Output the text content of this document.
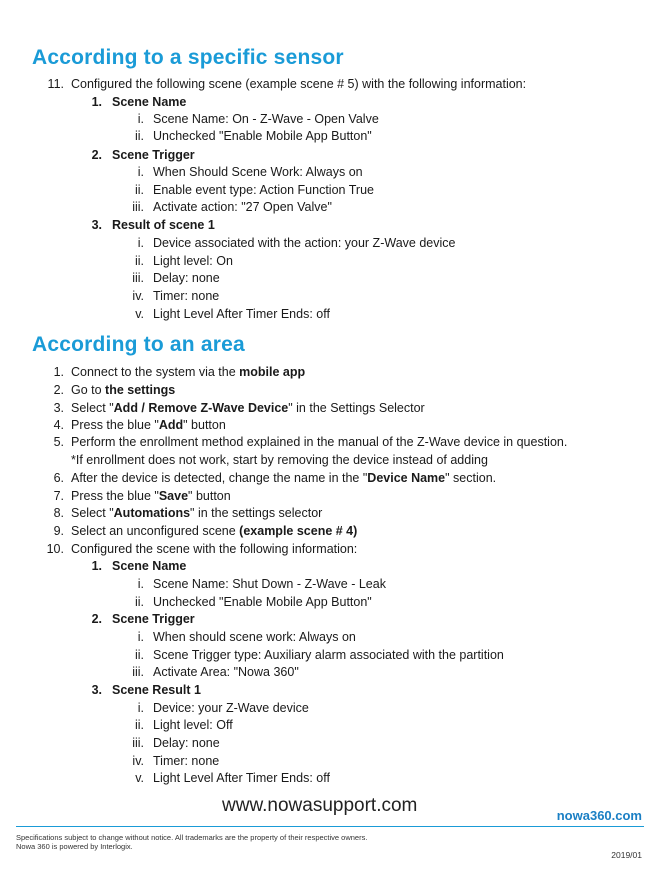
According to a specific sensor
11. Configured the following scene (example scene # 5) with the following information:
1. Scene Name
i. Scene Name: On - Z-Wave - Open Valve
ii. Unchecked "Enable Mobile App Button"
2. Scene Trigger
i. When Should Scene Work: Always on
ii. Enable event type: Action Function True
iii. Activate action: "27 Open Valve"
3. Result of scene 1
i. Device associated with the action: your Z-Wave device
ii. Light level: On
iii. Delay: none
iv. Timer: none
v. Light Level After Timer Ends: off
According to an area
1. Connect to the system via the mobile app
2. Go to the settings
3. Select "Add / Remove Z-Wave Device" in the Settings Selector
4. Press the blue "Add" button
5. Perform the enrollment method explained in the manual of the Z-Wave device in question.
*If enrollment does not work, start by removing the device instead of adding
6. After the device is detected, change the name in the "Device Name" section.
7. Press the blue "Save" button
8. Select "Automations" in the settings selector
9. Select an unconfigured scene (example scene # 4)
10. Configured the scene with the following information:
1. Scene Name
i. Scene Name: Shut Down - Z-Wave - Leak
ii. Unchecked "Enable Mobile App Button"
2. Scene Trigger
i. When should scene work: Always on
ii. Scene Trigger type: Auxiliary alarm associated with the partition
iii. Activate Area: "Nowa 360"
3. Scene Result 1
i. Device: your Z-Wave device
ii. Light level: Off
iii. Delay: none
iv. Timer: none
v. Light Level After Timer Ends: off
www.nowasupport.com	nowa360.com
Specifications subject to change without notice. All trademarks are the property of their respective owners.
Nowa 360 is powered by Interlogix.
2019/01
